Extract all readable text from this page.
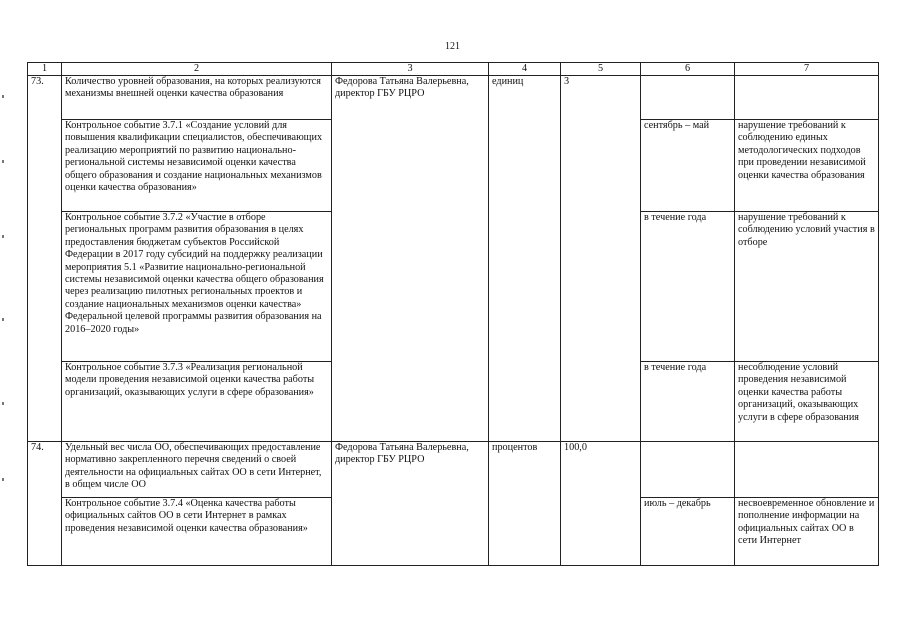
121
1	2	3	4	5	6	7
73.	Количество уровней образования, на которых реализуются механизмы внешней оценки качества образования	Федорова Татьяна Валерьевна, директор ГБУ РЦРО	единиц	3		
	Контрольное событие 3.7.1 «Создание условий для повышения квалификации специалистов, обеспечивающих реализацию мероприятий по развитию национально-региональной системы независимой оценки качества общего образования и создание национальных механизмов оценки качества образования»				сентябрь – май	нарушение требований к соблюдению единых методологических подходов при проведении независимой оценки качества образования
	Контрольное событие 3.7.2 «Участие в отборе региональных программ развития образования в целях предоставления бюджетам субъектов Российской Федерации в 2017 году субсидий на поддержку реализации мероприятия 5.1 «Развитие национально-региональной системы независимой оценки качества общего образования через реализацию пилотных региональных проектов и создание национальных механизмов оценки качества» Федеральной целевой программы развития образования на 2016–2020 годы»				в течение года	нарушение требований к соблюдению условий участия в отборе
	Контрольное событие 3.7.3 «Реализация региональной модели проведения независимой оценки качества работы организаций, оказывающих услуги в сфере образования»				в течение года	несоблюдение условий проведения независимой оценки качества работы организаций, оказывающих услуги в сфере образования
74.	Удельный вес числа ОО, обеспечивающих предоставление нормативно закрепленного перечня сведений о своей деятельности на официальных сайтах ОО в сети Интернет, в общем числе ОО	Федорова Татьяна Валерьевна, директор ГБУ РЦРО	процентов	100,0		
	Контрольное событие 3.7.4 «Оценка качества работы официальных сайтов ОО в сети Интернет в рамках проведения независимой оценки качества образования»				июль – декабрь	несвоевременное обновление и пополнение информации на официальных сайтах ОО в сети Интернет
